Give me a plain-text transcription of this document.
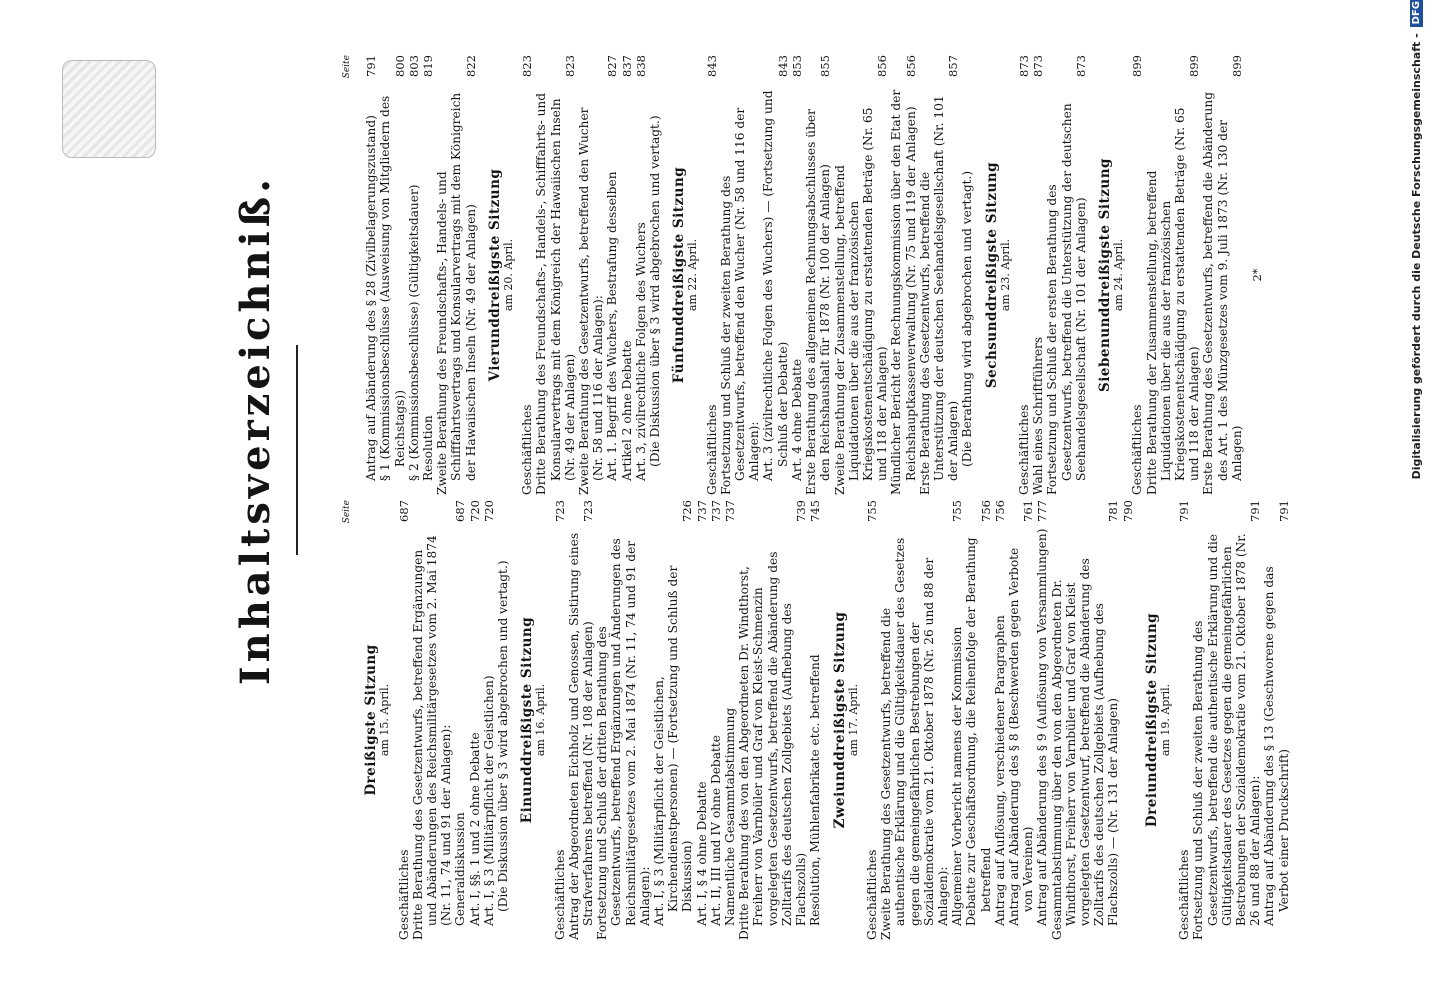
Inhaltsverzeichniß.	Seite
Dreißigste Sitzung am 15. April.
Geschäftliches
687
Dritte Berathung des Gesetzentwurfs, betreffend Ergänzungen und Abänderungen des Reichsmilitärgesetzes vom 2. Mai 1874 (Nr. 11, 74 und 91 der Anlagen): Generaldiskussion
687
Art. I, §§. 1 und 2 ohne Debatte
720
Art. I, § 3 (Militärpflicht der Geistlichen)
720
(Die Diskussion über § 3 wird abgebrochen und vertagt.) Einunddreißigste Sitzung am 16. April.
Geschäftliches
723
Antrag der Abgeordneten Eichholz und Genossen, Sistirung eines Strafverfahrens betreffend (Nr. 108 der Anlagen)
723
Fortsetzung und Schluß der dritten Berathung des Gesetzentwurfs, betreffend Ergänzungen und Änderungen des Reichsmilitärgesetzes vom 2. Mai 1874 (Nr. 11, 74 und 91 der Anlagen): Art. I, § 3 (Militärpflicht der Geistlichen, Kirchendienstpersonen) — (Fortsetzung und Schluß der Diskussion)
726
Art. I, § 4 ohne Debatte
737
Art. II, III und IV ohne Debatte
737
Namentliche Gesammtabstimmung
737
Dritte Berathung des von den Abgeordneten Dr. Windthorst, Freiherr von Varnbüler und Graf von Kleist-Schmenzin vorgelegten Gesetzentwurfs, betreffend die Abänderung des Zolltarifs des deutschen Zollgebiets (Aufhebung des Flachszolls)
739
Resolution, Mühlenfabrikate etc. betreffend
745
Zweiunddreißigste Sitzung am 17. April.
Geschäftliches
755
Zweite Berathung des Gesetzentwurfs, betreffend die authentische Erklärung und die Gültigkeitsdauer des Gesetzes gegen die gemeingefährlichen Bestrebungen der Sozialdemokratie vom 21. Oktober 1878 (Nr. 26 und 88 der Anlagen): Allgemeiner Vorbericht namens der Kommission
755
Debatte zur Geschäftsordnung, die Reihenfolge der Berathung betreffend
756
Antrag auf Auflösung, verschiedener Paragraphen
756
Antrag auf Abänderung des § 8 (Beschwerden gegen Verbote von Vereinen)
761
Antrag auf Abänderung des § 9 (Auflösung von Versammlungen)
777
Gesammtabstimmung über den von den Abgeordneten Dr. Windthorst, Freiherr von Varnbüler und Graf von Kleist vorgelegten Gesetzentwurf, betreffend die Abänderung des Zolltarifs des deutschen Zollgebiets (Aufhebung des Flachszolls) — (Nr. 131 der Anlagen)
781 790
Dreiunddreißigste Sitzung am 19. April.
Geschäftliches
791
Fortsetzung und Schluß der zweiten Berathung des Gesetzentwurfs, betreffend die authentische Erklärung und die Gültigkeitsdauer des Gesetzes gegen die gemeingefährlichen Bestrebungen der Sozialdemokratie vom 21. Oktober 1878 (Nr. 26 und 88 der Anlagen):
791
Antrag auf Abänderung des § 13 (Geschworene gegen das Verbot einer Druckschrift)
791
Seite
Antrag auf Abänderung des § 28 (Zivilbelagerungszustand)
791
§ 1 (Kommissionsbeschlüsse (Ausweisung von Mitgliedern des Reichstags))
800
§ 2 (Kommissionsbeschlüsse) (Gültigkeitsdauer)
803
Resolution
819
Zweite Berathung des Freundschafts-, Handels- und Schifffahrtsvertrags und Konsularvertrags mit dem Königreich der Hawaiischen Inseln (Nr. 49 der Anlagen)
822
Vierunddreißigste Sitzung am 20. April.
Geschäftliches
823
Dritte Berathung des Freundschafts-, Handels-, Schifffahrts- und Konsularvertrags mit dem Königreich der Hawaiischen Inseln (Nr. 49 der Anlagen)
823
Zweite Berathung des Gesetzentwurfs, betreffend den Wucher (Nr. 58 und 116 der Anlagen): Art. 1. Begriff des Wuchers, Bestrafung desselben
827
Artikel 2 ohne Debatte
837
Art. 3, zivilrechtliche Folgen des Wuchers
838
(Die Diskussion über § 3 wird abgebrochen und vertagt.) Fünfunddreißigste Sitzung am 22. April.
Geschäftliches
843
Fortsetzung und Schluß der zweiten Berathung des Gesetzentwurfs, betreffend den Wucher (Nr. 58 und 116 der Anlagen): Art. 3 (zivilrechtliche Folgen des Wuchers) — (Fortsetzung und Schluß der Debatte)
843
Art. 4 ohne Debatte
853
Erste Berathung des allgemeinen Rechnungsabschlusses über den Reichshaushalt für 1878 (Nr. 100 der Anlagen)
855
Zweite Berathung der Zusammenstellung, betreffend Liquidationen über die aus der französischen Kriegskostenentschädigung zu erstattenden Beträge (Nr. 65 und 118 der Anlagen)
856
Mündlicher Bericht der Rechnungskommission über den Etat der Reichshauptkassenverwaltung (Nr. 75 und 119 der Anlagen)
856
Erste Berathung des Gesetzentwurfs, betreffend die Unterstützung der deutschen Seehandelsgesellschaft (Nr. 101 der Anlagen)
857
(Die Berathung wird abgebrochen und vertagt.) Sechsunddreißigste Sitzung am 23. April.
Geschäftliches
873
Wahl eines Schriftführers
873
Fortsetzung und Schluß der ersten Berathung des Gesetzentwurfs, betreffend die Unterstützung der deutschen Seehandelsgesellschaft (Nr. 101 der Anlagen)
873
Siebenunddreißigste Sitzung am 24. April.
Geschäftliches
899
Dritte Berathung der Zusammenstellung, betreffend Liquidationen über die aus der französischen Kriegskostenentschädigung zu erstattenden Beträge (Nr. 65 und 118 der Anlagen)
899
Erste Berathung des Gesetzentwurfs, betreffend die Abänderung des Art. 1 des Münzgesetzes vom 9. Juli 1873 (Nr. 130 der Anlagen)
899
2*	Digitalisierung gefördert durch die Deutsche Forschungsgemeinschaft -
DFG
